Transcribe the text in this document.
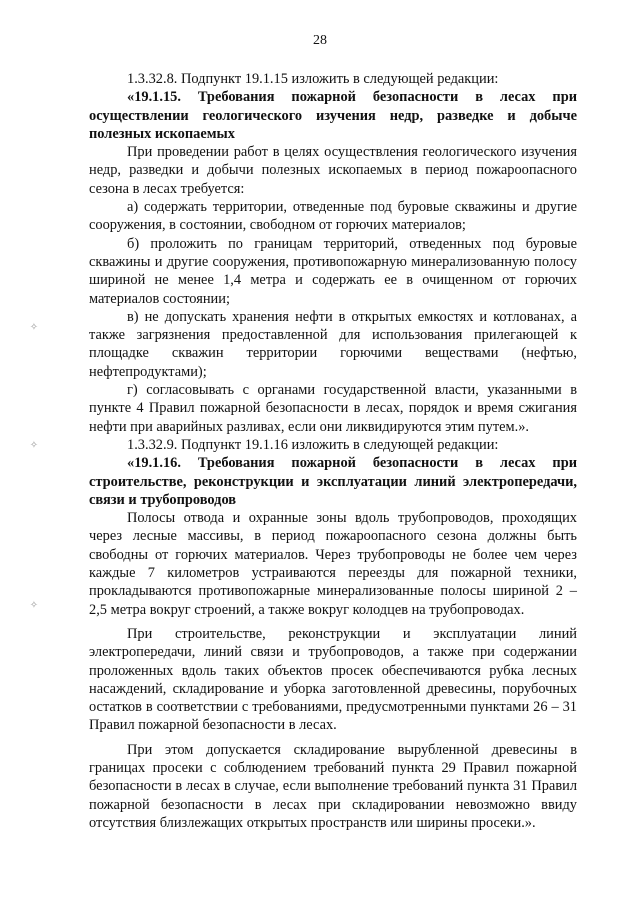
28

1.3.32.8. Подпункт 19.1.15 изложить в следующей редакции:

«19.1.15. Требования пожарной безопасности в лесах при осуществлении геологического изучения недр, разведке и добыче полезных ископаемых

При проведении работ в целях осуществления геологического изучения недр, разведки и добычи полезных ископаемых в период пожароопасного сезона в лесах требуется:

а) содержать территории, отведенные под буровые скважины и другие сооружения, в состоянии, свободном от горючих материалов;

б) проложить по границам территорий, отведенных под буровые скважины и другие сооружения, противопожарную минерализованную полосу шириной не менее 1,4 метра и содержать ее в очищенном от горючих материалов состоянии;

в) не допускать хранения нефти в открытых емкостях и котлованах, а также загрязнения предоставленной для использования прилегающей к площадке скважин территории горючими веществами (нефтью, нефтепродуктами);

г) согласовывать с органами государственной власти, указанными в пункте 4 Правил пожарной безопасности в лесах, порядок и время сжигания нефти при аварийных разливах, если они ликвидируются этим путем.».

1.3.32.9. Подпункт 19.1.16 изложить в следующей редакции:

«19.1.16. Требования пожарной безопасности в лесах при строительстве, реконструкции и эксплуатации линий электропередачи, связи и трубопроводов

Полосы отвода и охранные зоны вдоль трубопроводов, проходящих через лесные массивы, в период пожароопасного сезона должны быть свободны от горючих материалов. Через трубопроводы не более чем через каждые 7 километров устраиваются переезды для пожарной техники, прокладываются противопожарные минерализованные полосы шириной 2 – 2,5 метра вокруг строений, а также вокруг колодцев на трубопроводах.

При строительстве, реконструкции и эксплуатации линий электропередачи, линий связи и трубопроводов, а также при содержании проложенных вдоль таких объектов просек обеспечиваются рубка лесных насаждений, складирование и уборка заготовленной древесины, порубочных остатков в соответствии с требованиями, предусмотренными пунктами 26 – 31 Правил пожарной безопасности в лесах.

При этом допускается складирование вырубленной древесины в границах просеки с соблюдением требований пункта 29 Правил пожарной безопасности в лесах в случае, если выполнение требований пункта 31 Правил пожарной безопасности в лесах при складировании невозможно ввиду отсутствия близлежащих открытых пространств или ширины просеки.».

✧
✧
✧
